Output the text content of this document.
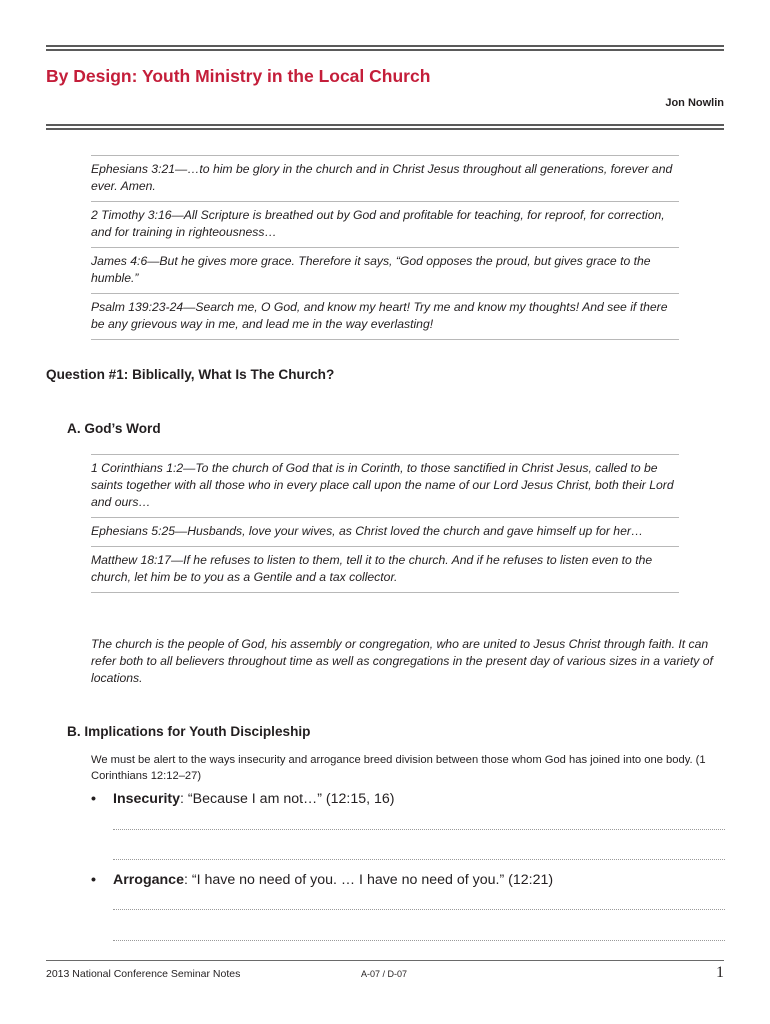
By Design: Youth Ministry in the Local Church
Jon Nowlin
Ephesians 3:21—…to him be glory in the church and in Christ Jesus throughout all generations, forever and ever. Amen.
2 Timothy 3:16—All Scripture is breathed out by God and profitable for teaching, for reproof, for correction, and for training in righteousness…
James 4:6—But he gives more grace. Therefore it says, “God opposes the proud, but gives grace to the humble.”
Psalm 139:23-24—Search me, O God, and know my heart! Try me and know my thoughts! And see if there be any grievous way in me, and lead me in the way everlasting!
Question #1: Biblically, What Is The Church?
A. God’s Word
1 Corinthians 1:2—To the church of God that is in Corinth, to those sanctified in Christ Jesus, called to be saints together with all those who in every place call upon the name of our Lord Jesus Christ, both their Lord and ours…
Ephesians 5:25—Husbands, love your wives, as Christ loved the church and gave himself up for her…
Matthew 18:17—If he refuses to listen to them, tell it to the church. And if he refuses to listen even to the church, let him be to you as a Gentile and a tax collector.
The church is the people of God, his assembly or congregation, who are united to Jesus Christ through faith. It can refer both to all believers throughout time as well as congregations in the present day of various sizes in a variety of locations.
B. Implications for Youth Discipleship
We must be alert to the ways insecurity and arrogance breed division between those whom God has joined into one body. (1 Corinthians 12:12–27)
• Insecurity: “Because I am not…” (12:15, 16)
• Arrogance: “I have no need of you. … I have no need of you.” (12:21)
2013 National Conference Seminar Notes	A-07 / D-07	1
